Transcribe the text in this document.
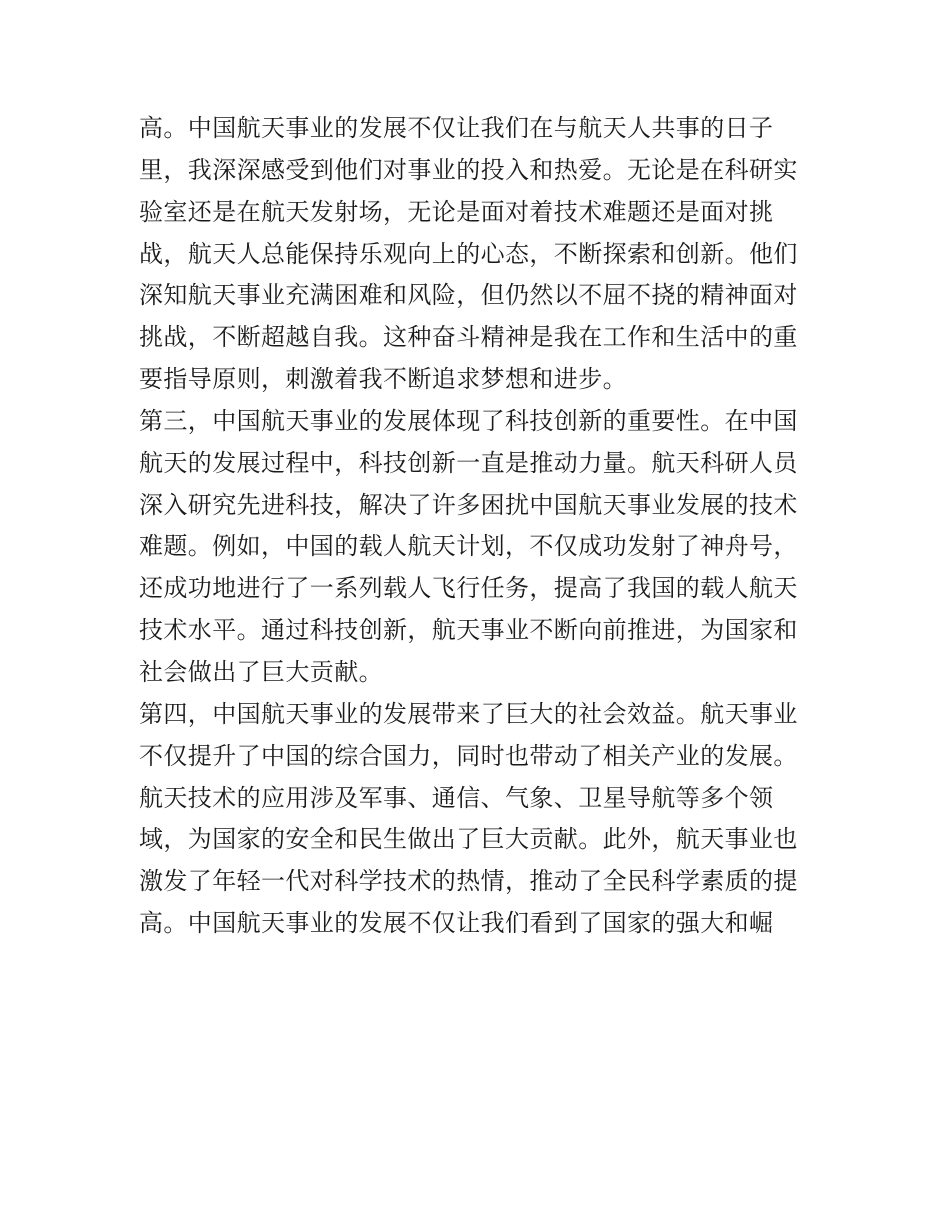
高。中国航天事业的发展不仅让我们在与航天人共事的日子
里，我深深感受到他们对事业的投入和热爱。无论是在科研实
验室还是在航天发射场，无论是面对着技术难题还是面对挑
战，航天人总能保持乐观向上的心态，不断探索和创新。他们
深知航天事业充满困难和风险，但仍然以不屈不挠的精神面对
挑战，不断超越自我。这种奋斗精神是我在工作和生活中的重
要指导原则，刺激着我不断追求梦想和进步。
第三，中国航天事业的发展体现了科技创新的重要性。在中国
航天的发展过程中，科技创新一直是推动力量。航天科研人员
深入研究先进科技，解决了许多困扰中国航天事业发展的技术
难题。例如，中国的载人航天计划，不仅成功发射了神舟号，
还成功地进行了一系列载人飞行任务，提高了我国的载人航天
技术水平。通过科技创新，航天事业不断向前推进，为国家和
社会做出了巨大贡献。
第四，中国航天事业的发展带来了巨大的社会效益。航天事业
不仅提升了中国的综合国力，同时也带动了相关产业的发展。
航天技术的应用涉及军事、通信、气象、卫星导航等多个领
域，为国家的安全和民生做出了巨大贡献。此外，航天事业也
激发了年轻一代对科学技术的热情，推动了全民科学素质的提
高。中国航天事业的发展不仅让我们看到了国家的强大和崛
